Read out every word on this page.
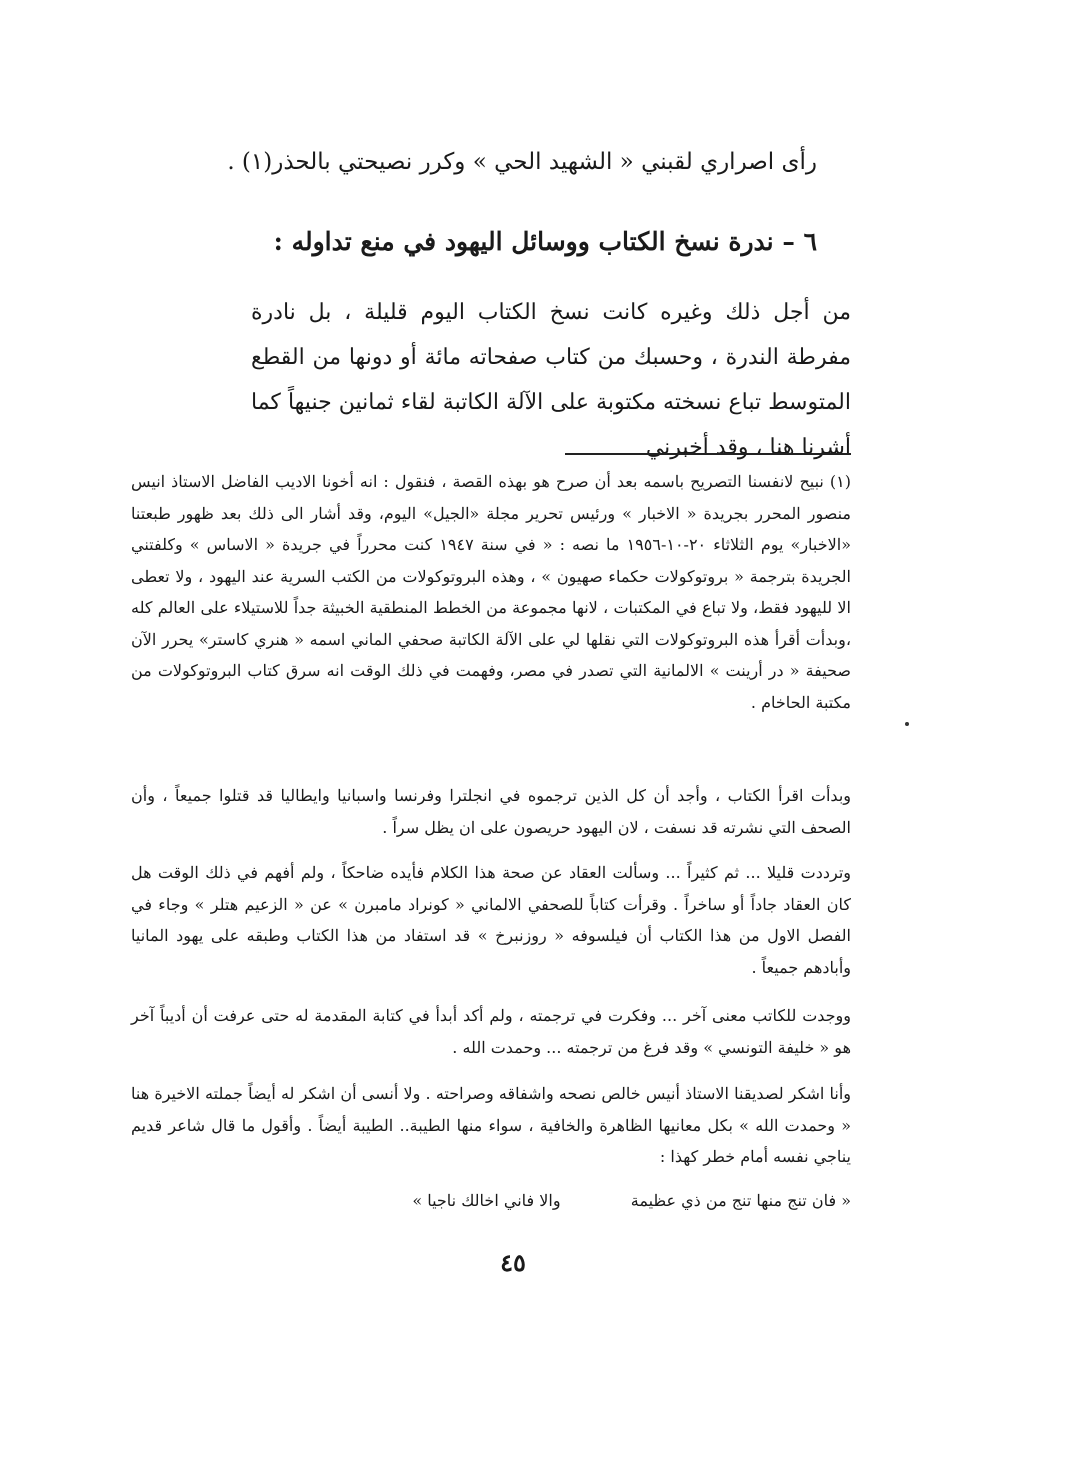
رأى اصراري لقبني « الشهيد الحي » وكرر نصيحتي بالحذر(١) .
٦ – ندرة نسخ الكتاب ووسائل اليهود في منع تداوله :
من أجل ذلك وغيره كانت نسخ الكتاب اليوم قليلة ، بل نادرة مفرطة الندرة ، وحسبك من كتاب صفحاته مائة أو دونها من القطع المتوسط تباع نسخته مكتوبة على الآلة الكاتبة لقاء ثمانين جنيهاً كما أشرنا هنا ، وقد أخبرني

(١) نبيح لانفسنا التصريح باسمه بعد أن صرح هو بهذه القصة ، فنقول : انه أخونا الاديب الفاضل الاستاذ انيس منصور المحرر بجريدة « الاخبار » ورئيس تحرير مجلة «الجيل» اليوم، وقد أشار الى ذلك بعد ظهور طبعتنا «الاخبار» يوم الثلاثاء ٢٠-١٠-١٩٥٦ ما نصه : « في سنة ١٩٤٧ كنت محرراً في جريدة « الاساس » وكلفتني الجريدة بترجمة « بروتوكولات حكماء صهيون » ، وهذه البروتوكولات من الكتب السرية عند اليهود ، ولا تعطى الا لليهود فقط، ولا تباع في المكتبات ، لانها مجموعة من الخطط المنطقية الخبيثة جداً للاستيلاء على العالم كله ،وبدأت أقرأ هذه البروتوكولات التي نقلها لي على الآلة الكاتبة صحفي الماني اسمه « هنري كاستر» يحرر الآن صحيفة « در أرينت » الالمانية التي تصدر في مصر، وفهمت في ذلك الوقت انه سرق كتاب البروتوكولات من مكتبة الحاخام .

وبدأت اقرأ الكتاب ، وأجد أن كل الذين ترجموه في انجلترا وفرنسا واسبانيا وايطاليا قد قتلوا جميعاً ، وأن الصحف التي نشرته قد نسفت ، لان اليهود حريصون على ان يظل سراً .

وترددت قليلا ... ثم كثيراً ... وسألت العقاد عن صحة هذا الكلام فأيده ضاحكاً ، ولم أفهم في ذلك الوقت هل كان العقاد جاداً أو ساخراً . وقرأت كتاباً للصحفي الالماني « كونراد مامبرن » عن « الزعيم هتلر » وجاء في الفصل الاول من هذا الكتاب أن فيلسوفه « روزنبرخ » قد استفاد من هذا الكتاب وطبقه على يهود المانيا وأبادهم جميعاً .

ووجدت للكاتب معنى آخر ... وفكرت في ترجمته ، ولم أكد أبدأ في كتابة المقدمة له حتى عرفت أن أديباً آخر هو « خليفة التونسي » وقد فرغ من ترجمته ... وحمدت الله .

وأنا اشكر لصديقنا الاستاذ أنيس خالص نصحه واشفاقه وصراحته . ولا أنسى أن اشكر له أيضاً جملته الاخيرة هنا « وحمدت الله » بكل معانيها الظاهرة والخافية ، سواء منها الطيبة.. الطيبة أيضاً . وأقول ما قال شاعر قديم يناجي نفسه أمام خطر كهذا :

« فان تنج منها تنج من ذي عظيمة  والا فاني اخالك ناجيا »
٤٥
